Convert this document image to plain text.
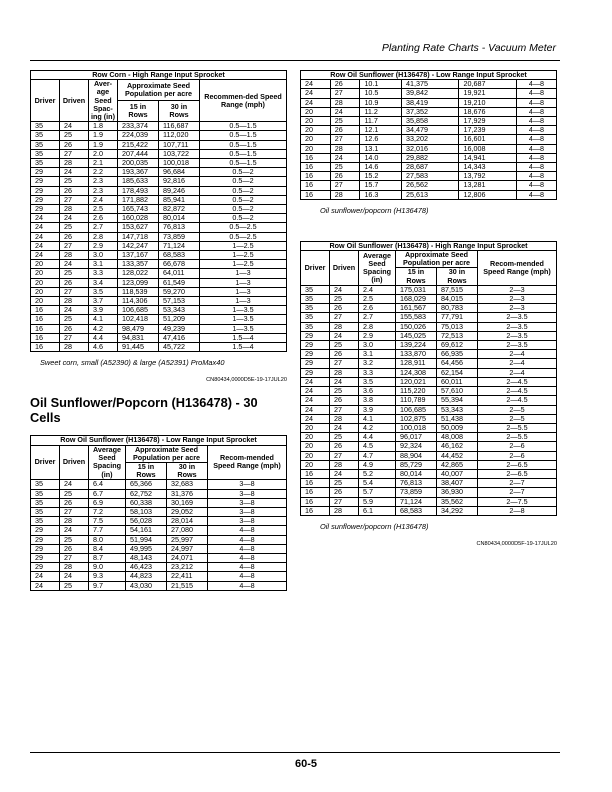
Planting Rate Charts - Vacuum Meter
Row Corn - High Range Input Sprocket					
Driver	Driven	Aver-age Seed Spac-ing (in)	Approximate Seed Population per acre		Recommen-ded Speed Range (mph)
			15 in Rows	30 in Rows	
35	24	1.8	233,374	116,687	0.5—1.5
35	25	1.9	224,039	112,020	0.5—1.5
35	26	1.9	215,422	107,711	0.5—1.5
35	27	2.0	207,444	103,722	0.5—1.5
35	28	2.1	200,035	100,018	0.5—1.5
29	24	2.2	193,367	96,684	0.5—2
29	25	2.3	185,633	92,816	0.5—2
29	26	2.3	178,493	89,246	0.5—2
29	27	2.4	171,882	85,941	0.5—2
29	28	2.5	165,743	82,872	0.5—2
24	24	2.6	160,028	80,014	0.5—2
24	25	2.7	153,627	76,813	0.5—2.5
24	26	2.8	147,718	73,859	0.5—2.5
24	27	2.9	142,247	71,124	1—2.5
24	28	3.0	137,167	68,583	1—2.5
20	24	3.1	133,357	66,678	1—2.5
20	25	3.3	128,022	64,011	1—3
20	26	3.4	123,099	61,549	1—3
20	27	3.5	118,539	59,270	1—3
20	28	3.7	114,306	57,153	1—3
16	24	3.9	106,685	53,343	1—3.5
16	25	4.1	102,418	51,209	1—3.5
16	26	4.2	98,479	49,239	1—3.5
16	27	4.4	94,831	47,416	1.5—4
16	28	4.6	91,445	45,722	1.5—4
Sweet corn, small (A52390) & large (A52391) ProMax40
CN80434,0000D5E-19-17JUL20
Oil Sunflower/Popcorn (H136478) - 30 Cells
Row Oil Sunflower (H136478) - Low Range Input Sprocket					
Driver	Driven	Average Seed Spacing (in)	Approximate Seed Population per acre		Recom-mended Speed Range (mph)
			15 in Rows	30 in Rows	
35	24	6.4	65,366	32,683	3—8
35	25	6.7	62,752	31,376	3—8
35	26	6.9	60,338	30,169	3—8
35	27	7.2	58,103	29,052	3—8
35	28	7.5	56,028	28,014	3—8
29	24	7.7	54,161	27,080	4—8
29	25	8.0	51,994	25,997	4—8
29	26	8.4	49,995	24,997	4—8
29	27	8.7	48,143	24,071	4—8
29	28	9.0	46,423	23,212	4—8
24	24	9.3	44,823	22,411	4—8
24	25	9.7	43,030	21,515	4—8
Row Oil Sunflower (H136478) - Low Range Input Sprocket					
24	26	10.1	41,375	20,687	4—8
24	27	10.5	39,842	19,921	4—8
24	28	10.9	38,419	19,210	4—8
20	24	11.2	37,352	18,676	4—8
20	25	11.7	35,858	17,929	4—8
20	26	12.1	34,479	17,239	4—8
20	27	12.6	33,202	16,601	4—8
20	28	13.1	32,016	16,008	4—8
16	24	14.0	29,882	14,941	4—8
16	25	14.6	28,687	14,343	4—8
16	26	15.2	27,583	13,792	4—8
16	27	15.7	26,562	13,281	4—8
16	28	16.3	25,613	12,806	4—8
Oil sunflower/popcorn (H136478)
Row Oil Sunflower (H136478) - High Range Input Sprocket					
Driver	Driven	Average Seed Spacing (in)	Approximate Seed Population per acre		Recom-mended Speed Range (mph)
			15 in Rows	30 in Rows	
35	24	2.4	175,031	87,515	2—3
35	25	2.5	168,029	84,015	2—3
35	26	2.6	161,567	80,783	2—3
35	27	2.7	155,583	77,791	2—3.5
35	28	2.8	150,026	75,013	2—3.5
29	24	2.9	145,025	72,513	2—3.5
29	25	3.0	139,224	69,612	2—3.5
29	26	3.1	133,870	66,935	2—4
29	27	3.2	128,911	64,456	2—4
29	28	3.3	124,308	62,154	2—4
24	24	3.5	120,021	60,011	2—4.5
24	25	3.6	115,220	57,610	2—4.5
24	26	3.8	110,789	55,394	2—4.5
24	27	3.9	106,685	53,343	2—5
24	28	4.1	102,875	51,438	2—5
20	24	4.2	100,018	50,009	2—5.5
20	25	4.4	96,017	48,008	2—5.5
20	26	4.5	92,324	46,162	2—6
20	27	4.7	88,904	44,452	2—6
20	28	4.9	85,729	42,865	2—6.5
16	24	5.2	80,014	40,007	2—6.5
16	25	5.4	76,813	38,407	2—7
16	26	5.7	73,859	36,930	2—7
16	27	5.9	71,124	35,562	2—7.5
16	28	6.1	68,583	34,292	2—8
Oil sunflower/popcorn (H136478)
CN80434,0000D5F-19-17JUL20
60-5
